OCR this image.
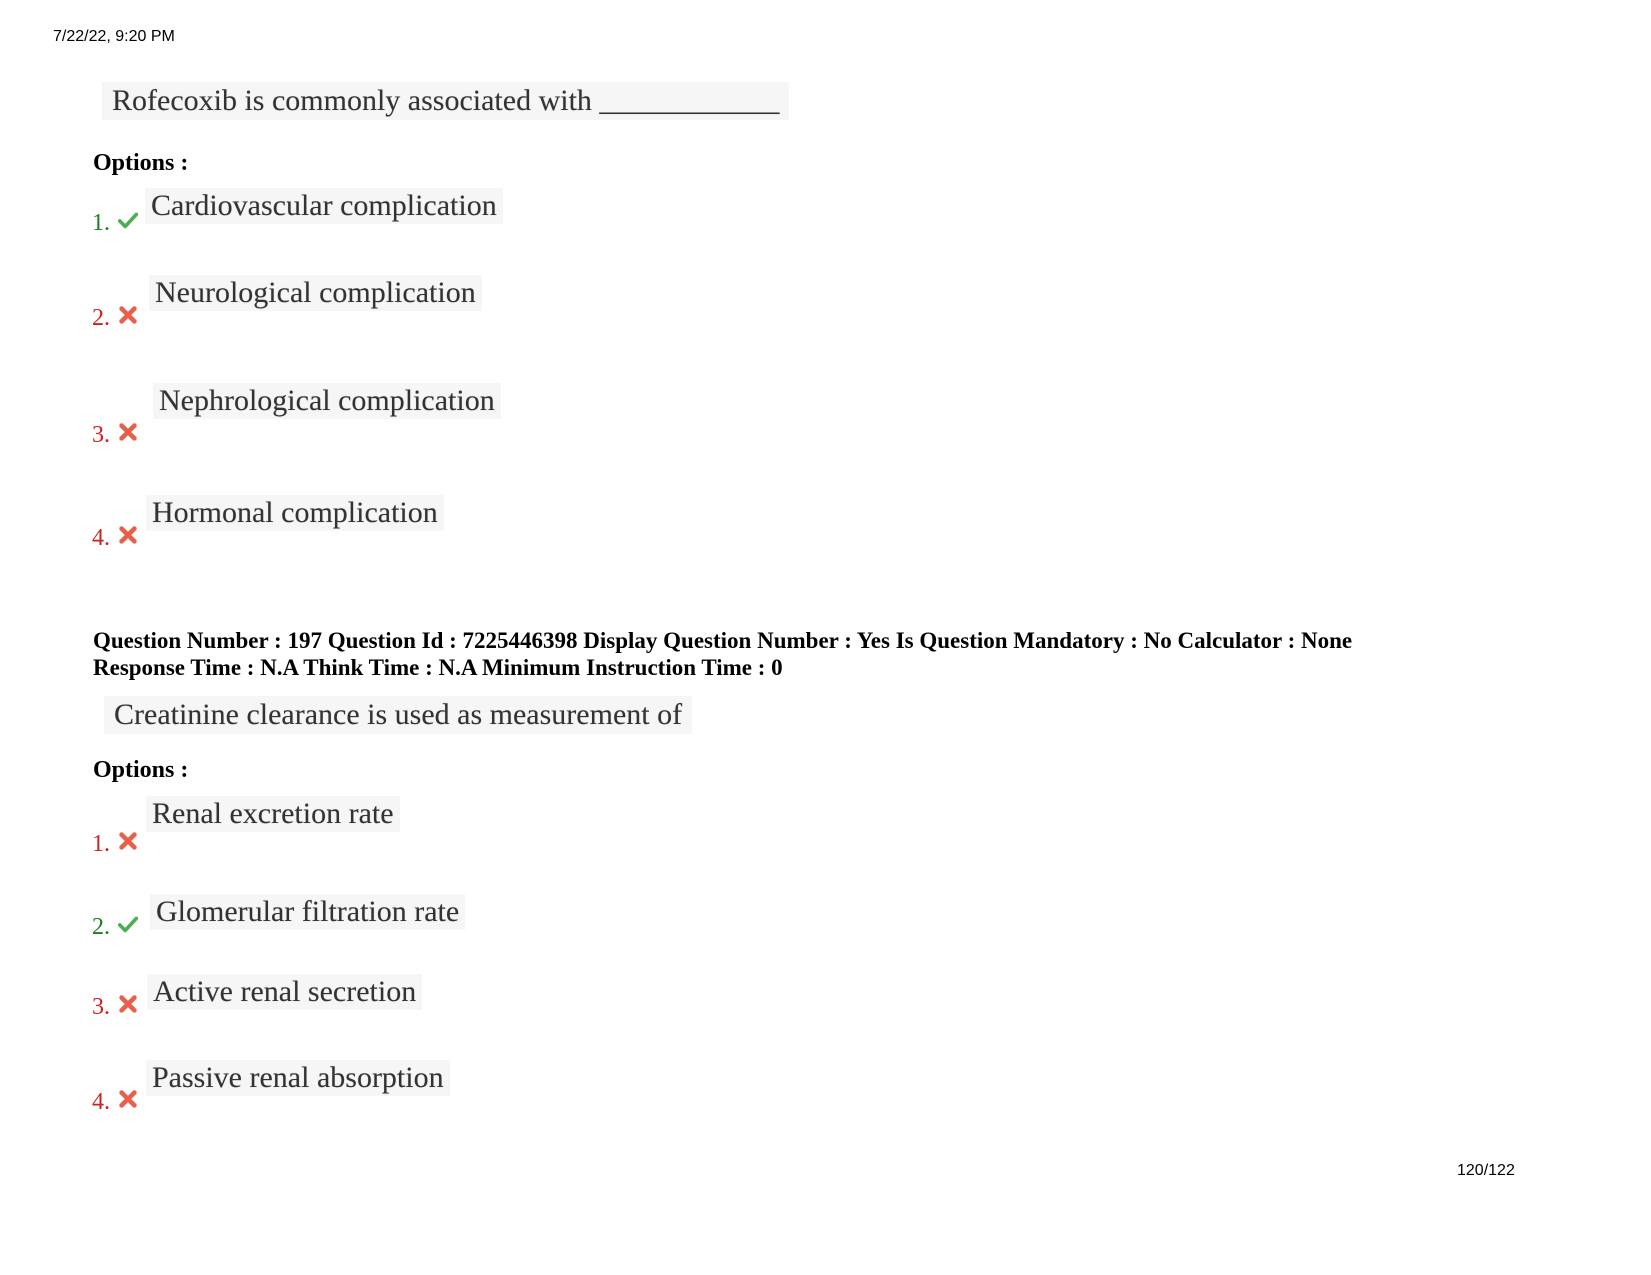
7/22/22, 9:20 PM
Rofecoxib is commonly associated with ____________
Options :
1.
Cardiovascular complication
2.
Neurological complication
3.
Nephrological complication
4.
Hormonal complication
Question Number : 197 Question Id : 7225446398 Display Question Number : Yes Is Question Mandatory : No Calculator : None
Response Time : N.A Think Time : N.A Minimum Instruction Time : 0
Creatinine clearance is used as measurement of
Options :
1.
Renal excretion rate
2. Glomerular filtration rate
3. Active renal secretion
4.
Passive renal absorption
120/122
